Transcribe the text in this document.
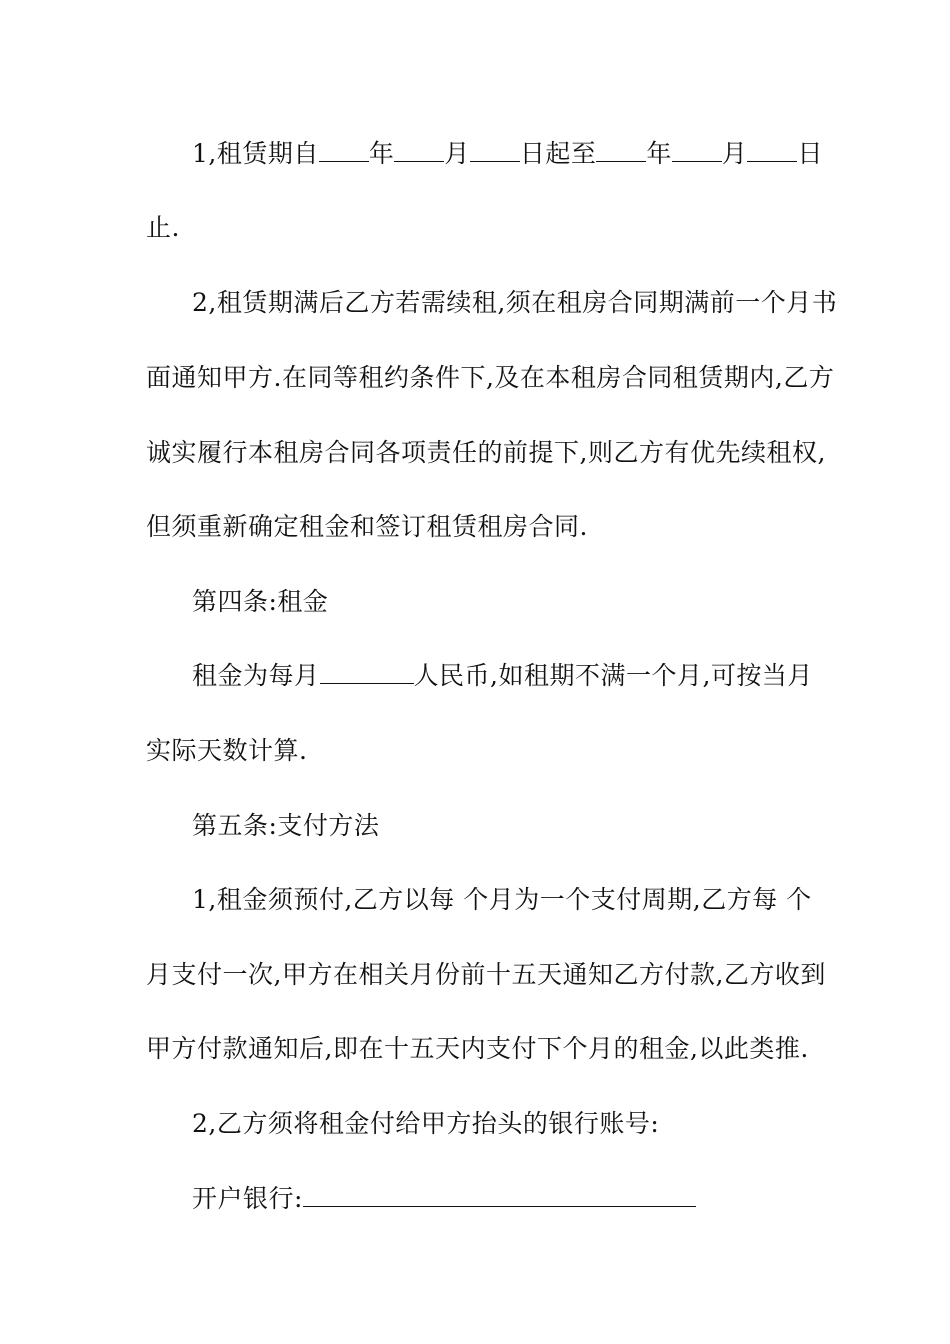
1,租赁期自 年 月 日起至 年 月 日
止.
2,租赁期满后乙方若需续租,须在租房合同期满前一个月书
面通知甲方.在同等租约条件下,及在本租房合同租赁期内,乙方
诚实履行本租房合同各项责任的前提下,则乙方有优先续租权,
但须重新确定租金和签订租赁租房合同.
第四条:租金
租金为每月	人民币,如租期不满一个月,可按当月
实际天数计算.
第五条:支付方法
1,租金须预付,乙方以每 个月为一个支付周期,乙方每 个
月支付一次,甲方在相关月份前十五天通知乙方付款,乙方收到
甲方付款通知后,即在十五天内支付下个月的租金,以此类推.
2,乙方须将租金付给甲方抬头的银行账号:
开户银行:
